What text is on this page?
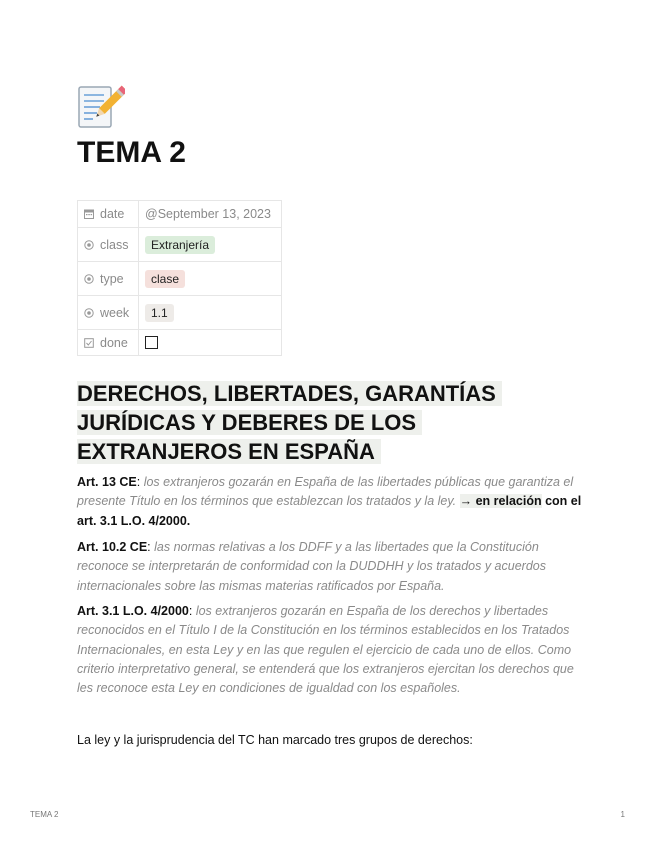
TEMA 2
date	@September 13, 2023
class	Extranjería
type	clase
week	1.1
done	
DERECHOS, LIBERTADES, GARANTÍAS
JURÍDICAS Y DEBERES DE LOS
EXTRANJEROS EN ESPAÑA

Art. 13 CE: los extranjeros gozarán en España de las libertades públicas que garantiza el presente Título en los términos que establezcan los tratados y la ley. → en relación con el art. 3.1 L.O. 4/2000.

Art. 10.2 CE: las normas relativas a los DDFF y a las libertades que la Constitución reconoce se interpretarán de conformidad con la DUDDHH y los tratados y acuerdos internacionales sobre las mismas materias ratificados por España.

Art. 3.1 L.O. 4/2000: los extranjeros gozarán en España de los derechos y libertades reconocidos en el Título I de la Constitución en los términos establecidos en los Tratados Internacionales, en esta Ley y en las que regulen el ejercicio de cada uno de ellos. Como criterio interpretativo general, se entenderá que los extranjeros ejercitan los derechos que les reconoce esta Ley en condiciones de igualdad con los españoles.

La ley y la jurisprudencia del TC han marcado tres grupos de derechos:

TEMA 2	1
